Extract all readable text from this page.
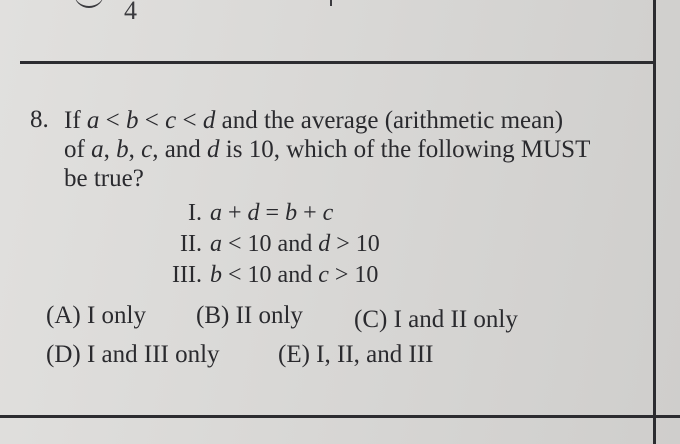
4
8. If a < b < c < d and the average (arithmetic mean)
of a, b, c, and d is 10, which of the following MUST
be true?
I. a + d = b + c
II. a < 10 and d > 10
III. b < 10 and c > 10
(A) I only (B) II only (C) I and II only
(D) I and III only (E) I, II, and III
